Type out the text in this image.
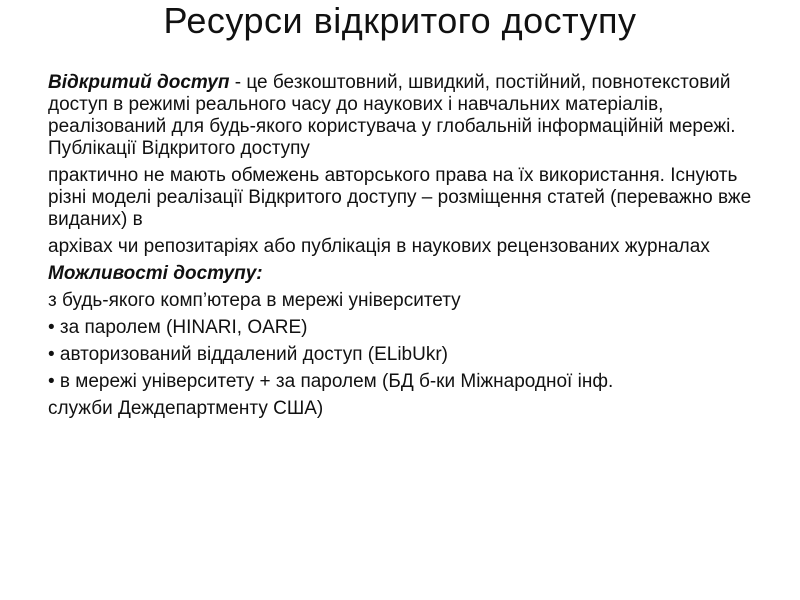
Ресурси відкритого доступу

Відкритий доступ - це безкоштовний, швидкий, постійний, повнотекстовий доступ в режимі реального часу до наукових і навчальних матеріалів, реалізований для будь-якого користувача у глобальній інформаційній мережі. Публікації Відкритого доступу

практично не мають обмежень авторського права на їх використання. Існують різні моделі реалізації Відкритого доступу – розміщення статей (переважно вже виданих) в

архівах чи репозитаріях або публікація в наукових рецензованих журналах

Можливості доступу:

з будь-якого комп’ютера в мережі університету

• за паролем (HINARI, OARE)

• авторизований віддалений доступ (ELibUkr)

• в мережі університету + за паролем (БД б-ки Міжнародної інф.

служби Деждепартменту США)
